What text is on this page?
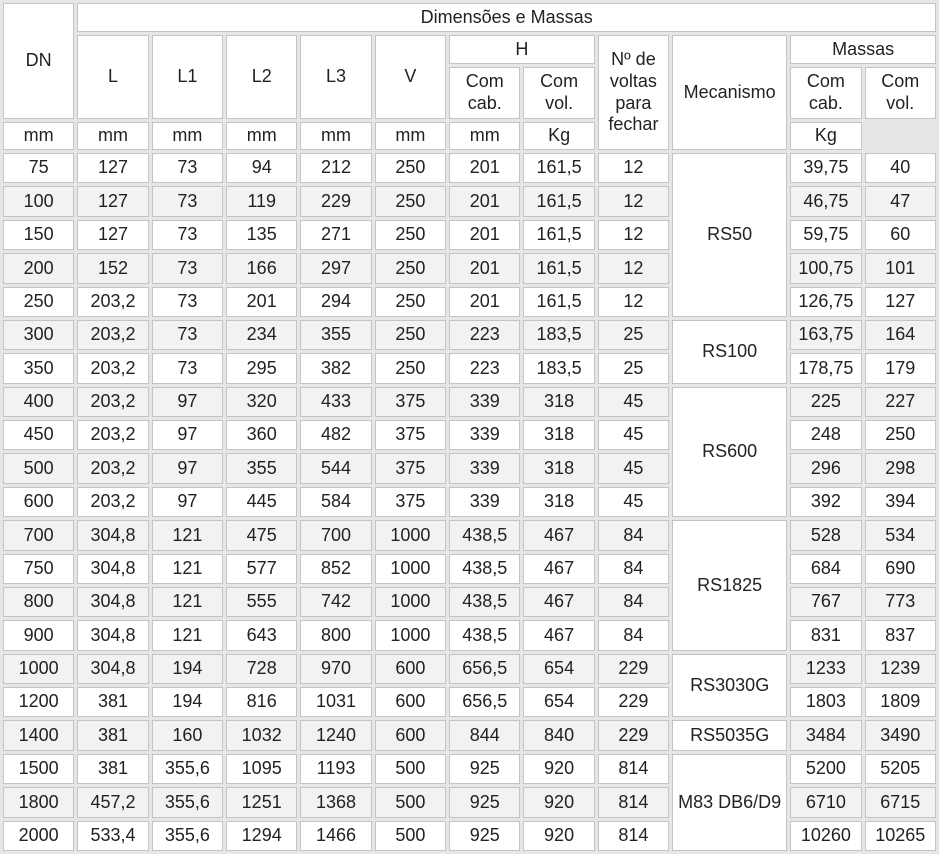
DN	Dimensões e Massas										
	L	L1	L2	L3	V	H		Nº de voltas para fechar	Mecanismo	Massas	
						Com cab.	Com vol.			Com cab.	Com vol.
mm	mm	mm	mm	mm	mm	mm	Kg			Kg	
75	127	73	94	212	250	201	161,5	12	RS50	39,75	40
100	127	73	119	229	250	201	161,5	12		46,75	47
150	127	73	135	271	250	201	161,5	12		59,75	60
200	152	73	166	297	250	201	161,5	12		100,75	101
250	203,2	73	201	294	250	201	161,5	12		126,75	127
300	203,2	73	234	355	250	223	183,5	25	RS100	163,75	164
350	203,2	73	295	382	250	223	183,5	25		178,75	179
400	203,2	97	320	433	375	339	318	45	RS600	225	227
450	203,2	97	360	482	375	339	318	45		248	250
500	203,2	97	355	544	375	339	318	45		296	298
600	203,2	97	445	584	375	339	318	45		392	394
700	304,8	121	475	700	1000	438,5	467	84	RS1825	528	534
750	304,8	121	577	852	1000	438,5	467	84		684	690
800	304,8	121	555	742	1000	438,5	467	84		767	773
900	304,8	121	643	800	1000	438,5	467	84		831	837
1000	304,8	194	728	970	600	656,5	654	229	RS3030G	1233	1239
1200	381	194	816	1031	600	656,5	654	229		1803	1809
1400	381	160	1032	1240	600	844	840	229	RS5035G	3484	3490
1500	381	355,6	1095	1193	500	925	920	814	M83 DB6/D9	5200	5205
1800	457,2	355,6	1251	1368	500	925	920	814		6710	6715
2000	533,4	355,6	1294	1466	500	925	920	814		10260	10265
